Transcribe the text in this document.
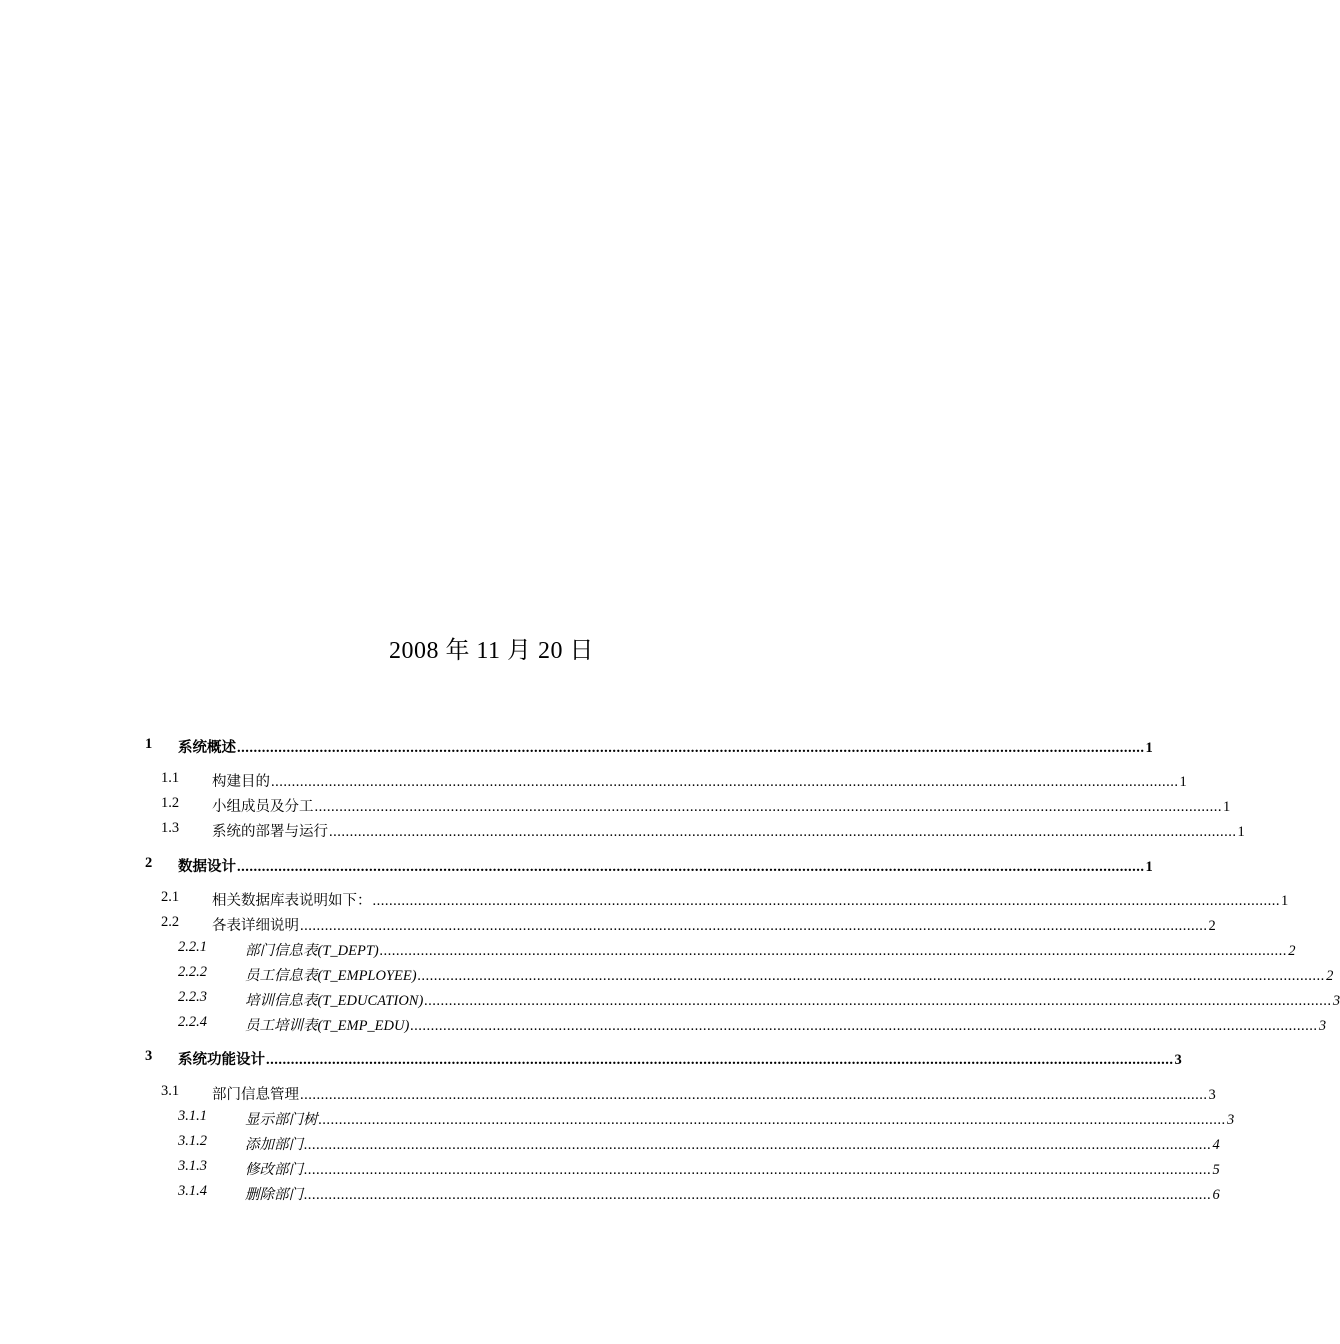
2008 年 11 月 20 日
1 系统概述 ............................................................................................................................................................................................................................ 1
1.1 构建目的 ............................................................................................................................................................................................................................ 1
1.2 小组成员及分工 ............................................................................................................................................................................................................................ 1
1.3 系统的部署与运行 ............................................................................................................................................................................................................................ 1
2 数据设计 ............................................................................................................................................................................................................................ 1
2.1 相关数据库表说明如下： ............................................................................................................................................................................................................................ 1
2.2 各表详细说明 ............................................................................................................................................................................................................................ 2
2.2.1	部门信息表(T_DEPT) ............................................................................................................................................................................................................................ 2
2.2.2	员工信息表(T_EMPLOYEE) ............................................................................................................................................................................................................................ 2
2.2.3	培训信息表(T_EDUCATION) ............................................................................................................................................................................................................................ 3
2.2.4	员工培训表(T_EMP_EDU) ............................................................................................................................................................................................................................ 3
3 系统功能设计 ............................................................................................................................................................................................................................ 3
3.1 部门信息管理 ............................................................................................................................................................................................................................ 3
3.1.1	显示部门树 ............................................................................................................................................................................................................................ 3
3.1.2	添加部门 ............................................................................................................................................................................................................................ 4
3.1.3	修改部门 ............................................................................................................................................................................................................................ 5
3.1.4	删除部门 ............................................................................................................................................................................................................................ 6
